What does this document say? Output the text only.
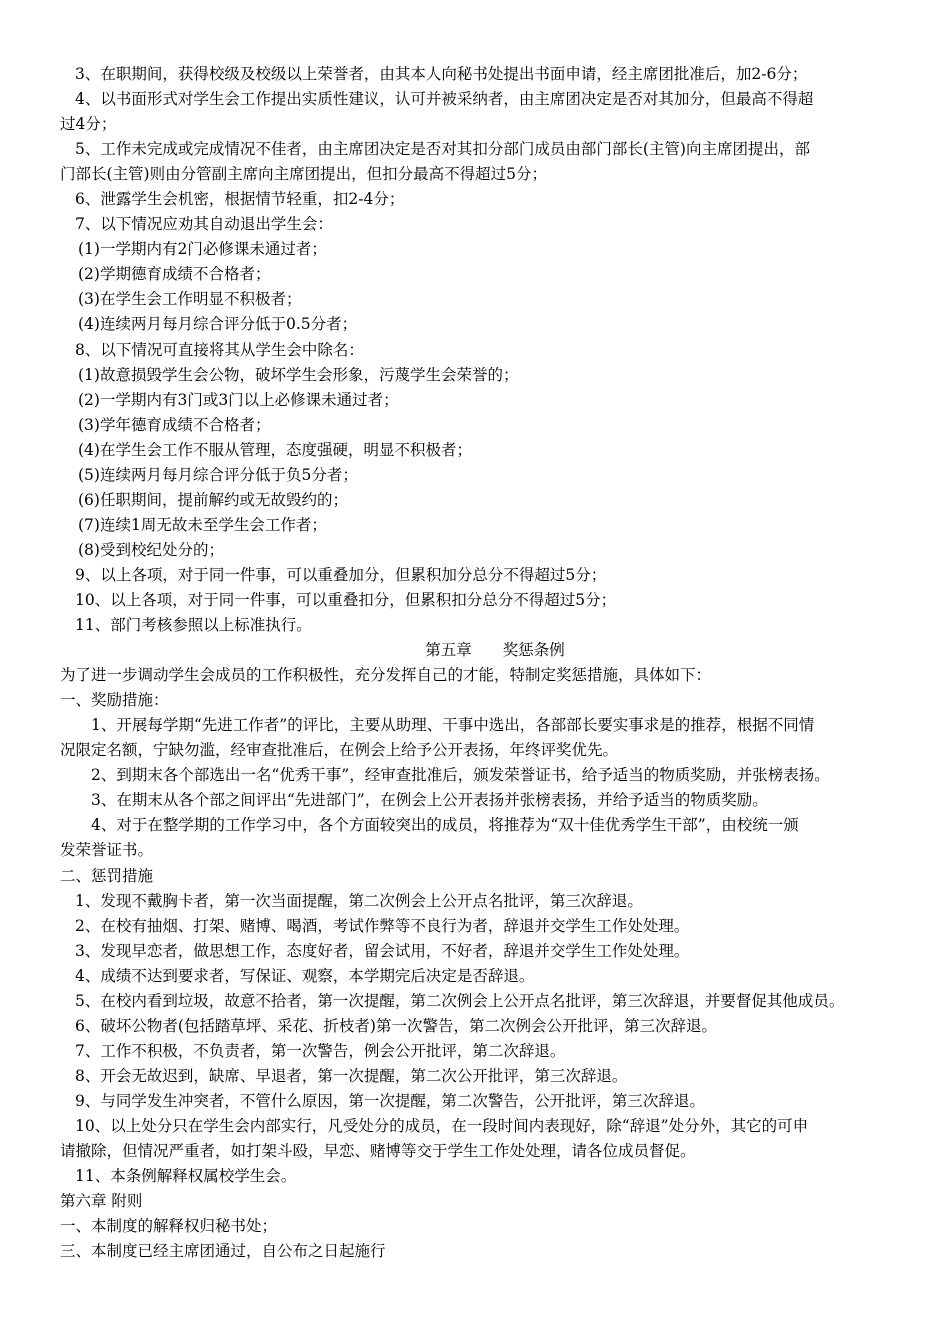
3、在职期间，获得校级及校级以上荣誉者，由其本人向秘书处提出书面申请，经主席团批准后，加2-6分；
4、以书面形式对学生会工作提出实质性建议，认可并被采纳者，由主席团决定是否对其加分，但最高不得超
过4分；
5、工作未完成或完成情况不佳者，由主席团决定是否对其扣分部门成员由部门部长(主管)向主席团提出，部
门部长(主管)则由分管副主席向主席团提出，但扣分最高不得超过5分；
6、泄露学生会机密，根据情节轻重，扣2-4分；
7、以下情况应劝其自动退出学生会：
(1)一学期内有2门必修课未通过者；
(2)学期德育成绩不合格者；
(3)在学生会工作明显不积极者；
(4)连续两月每月综合评分低于0.5分者；
8、以下情况可直接将其从学生会中除名：
(1)故意损毁学生会公物，破坏学生会形象，污蔑学生会荣誉的；
(2)一学期内有3门或3门以上必修课未通过者；
(3)学年德育成绩不合格者；
(4)在学生会工作不服从管理，态度强硬，明显不积极者；
(5)连续两月每月综合评分低于负5分者；
(6)任职期间，提前解约或无故毁约的；
(7)连续1周无故未至学生会工作者；
(8)受到校纪处分的；
9、以上各项，对于同一件事，可以重叠加分，但累积加分总分不得超过5分；
10、以上各项，对于同一件事，可以重叠扣分，但累积扣分总分不得超过5分；
11、部门考核参照以上标准执行。
第五章　　奖惩条例
为了进一步调动学生会成员的工作积极性，充分发挥自己的才能，特制定奖惩措施，具体如下：
一、奖励措施：
1、开展每学期“先进工作者”的评比，主要从助理、干事中选出，各部部长要实事求是的推荐，根据不同情
况限定名额，宁缺勿滥，经审查批准后，在例会上给予公开表扬，年终评奖优先。
2、到期末各个部选出一名“优秀干事”，经审查批准后，颁发荣誉证书，给予适当的物质奖励，并张榜表扬。
3、在期末从各个部之间评出“先进部门”，在例会上公开表扬并张榜表扬，并给予适当的物质奖励。
4、对于在整学期的工作学习中，各个方面较突出的成员，将推荐为“双十佳优秀学生干部”，由校统一颁
发荣誉证书。
二、惩罚措施
1、发现不戴胸卡者，第一次当面提醒，第二次例会上公开点名批评，第三次辞退。
2、在校有抽烟、打架、赌博、喝酒，考试作弊等不良行为者，辞退并交学生工作处处理。
3、发现早恋者，做思想工作，态度好者，留会试用，不好者，辞退并交学生工作处处理。
4、成绩不达到要求者，写保证、观察，本学期完后决定是否辞退。
5、在校内看到垃圾，故意不拾者，第一次提醒，第二次例会上公开点名批评，第三次辞退，并要督促其他成员。
6、破坏公物者(包括踏草坪、采花、折枝者)第一次警告，第二次例会公开批评，第三次辞退。
7、工作不积极，不负责者，第一次警告，例会公开批评，第二次辞退。
8、开会无故迟到，缺席、早退者，第一次提醒，第二次公开批评，第三次辞退。
9、与同学发生冲突者，不管什么原因，第一次提醒，第二次警告，公开批评，第三次辞退。
10、以上处分只在学生会内部实行，凡受处分的成员，在一段时间内表现好，除“辞退”处分外，其它的可申
请撤除，但情况严重者，如打架斗殴，早恋、赌博等交于学生工作处处理，请各位成员督促。
11、本条例解释权属校学生会。
第六章 附则
一、本制度的解释权归秘书处；
三、本制度已经主席团通过，自公布之日起施行
